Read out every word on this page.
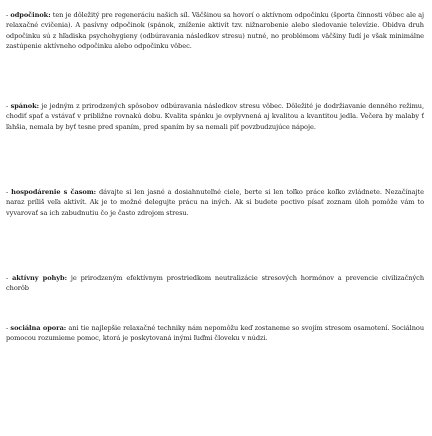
- odpočinok: ten je dôležitý pre regeneráciu našich síl. Väčšinou sa hovorí o aktívnom odpočinku (športa činnosti vôbec ale aj relaxačné cvičenia). A pasívny odpočinok (spánok, zníženie aktivít tzv. nižnarobenie alebo sledovanie televízie. Obidva druh odpočinku sú z hľadiska psychohygieny (odbúravania následkov stresu) nutné, no problémom väčšiny ľudí je však minimálne zastúpenie aktívneho odpočinku alebo odpočinku vôbec.

- spánok: je jedným z prirodzených spôsobov odbúravania následkov stresu vôbec. Dôležité je dodržiavanie denného režimu, chodiť spať a vstávať v približne rovnakú dobu. Kvalita spánku je ovplyvnená aj kvalitou a kvantitou jedla. Večera by malaby ť ľahšia, nemala by byť tesne pred spaním, pred spaním by sa nemali piť povzbudzujúce nápoje.

- hospodárenie s časom: dávajte si len jasné a dosiahnuteľné ciele, berte si len toľko práce koľko zvládnete. Nezačínajte naraz príliš veľa aktivít. Ak je to možné delegujte prácu na iných. Ak si budete poctivo písať zoznam úloh pomôže vám to vyvarovať sa ich zabudnutiu čo je často zdrojom stresu.

- aktívny pohyb: je prirodzeným efektívnym prostriedkom neutralizácie stresových hormónov a prevencie civilizačných chorôb

- sociálna opora: ani tie najlepšie relaxačné techniky nám nepomôžu keď zostaneme so svojím stresom osamotení. Sociálnou pomocou rozumieme pomoc, ktorá je poskytovaná inými ľuďmi človeku v núdzi.
